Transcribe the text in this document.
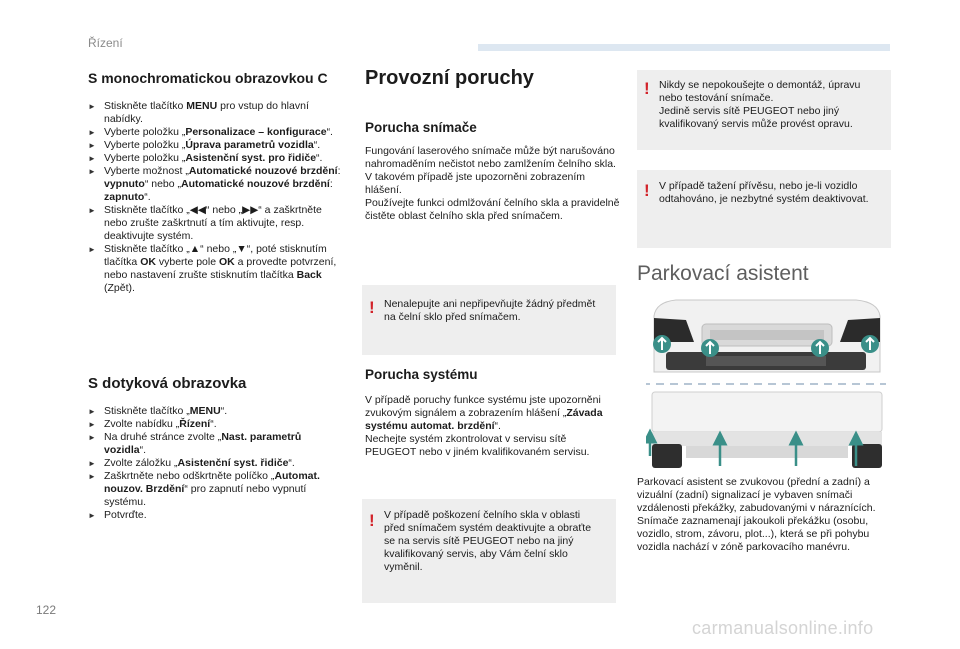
Řízení
S monochromatickou obrazovkou C
► Stiskněte tlačítko MENU pro vstup do hlavní nabídky.
► Vyberte položku „Personalizace – konfigurace“.
► Vyberte položku „Úprava parametrů vozidla“.
► Vyberte položku „Asistenční syst. pro řidiče“.
► Vyberte možnost „Automatické nouzové brzdění: vypnuto“ nebo „Automatické nouzové brzdění: zapnuto“.
► Stiskněte tlačítko „◀◀“ nebo „▶▶“ a zaškrtněte nebo zrušte zaškrtnutí a tím aktivujte, resp. deaktivujte systém.
► Stiskněte tlačítko „▲“ nebo „▼“, poté stisknutím tlačítka OK vyberte pole OK a provedte potvrzení, nebo nastavení zrušte stisknutím tlačítka Back (Zpět).
S dotyková obrazovka
► Stiskněte tlačítko „MENU“.
► Zvolte nabídku „Řízení“.
► Na druhé stránce zvolte „Nast. parametrů vozidla“.
► Zvolte záložku „Asistenční syst. řidiče“.
► Zaškrtněte nebo odškrtněte políčko „Automat. nouzov. Brzdění“ pro zapnutí nebo vypnutí systému.
► Potvrďte.
Provozní poruchy
Porucha snímače
Fungování laserového snímače může být narušováno nahromaděním nečistot nebo zamlžením čelního skla. V takovém případě jste upozorněni zobrazením hlášení.
Používejte funkci odmlžování čelního skla a pravidelně čistěte oblast čelního skla před snímačem.
! Nenalepujte ani nepřipevňujte žádný předmět na čelní sklo před snímačem.
Porucha systému
V případě poruchy funkce systému jste upozorněni zvukovým signálem a zobrazením hlášení „Závada systému automat. brzdění“.
Nechejte systém zkontrolovat v servisu sítě PEUGEOT nebo v jiném kvalifikovaném servisu.
! V případě poškození čelního skla v oblasti před snímačem systém deaktivujte a obraťte se na servis sítě PEUGEOT nebo na jiný kvalifikovaný servis, aby Vám čelní sklo vyměnil.
! Nikdy se nepokoušejte o demontáž, úpravu nebo testování snímače.
Jedině servis sítě PEUGEOT nebo jiný kvalifikovaný servis může provést opravu.
! V případě tažení přívěsu, nebo je-li vozidlo odtahováno, je nezbytné systém deaktivovat.
Parkovací asistent
Parkovací asistent se zvukovou (přední a zadní) a vizuální (zadní) signalizací je vybaven snímači vzdálenosti překážky, zabudovanými v náraznících.
Snímače zaznamenají jakoukoli překážku (osobu, vozidlo, strom, závoru, plot...), která se při pohybu vozidla nachází v zóně parkovacího manévru.
122
carmanualsonline.info
